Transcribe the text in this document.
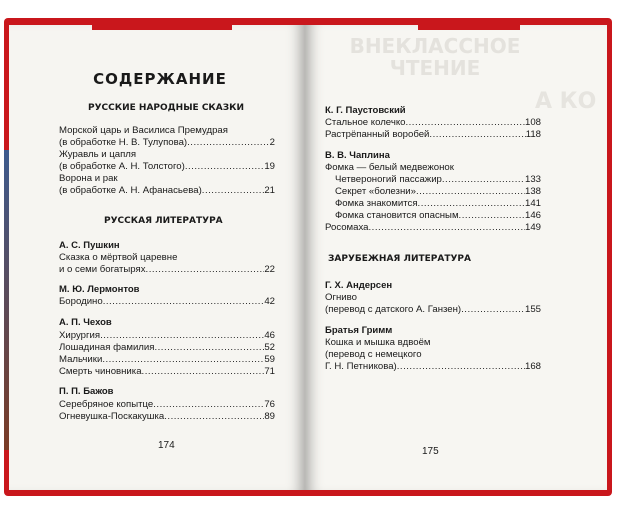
ВНЕКЛАССНОЕ ЧТЕНИЕ
А КО
СОДЕРЖАНИЕ
РУССКИЕ НАРОДНЫЕ СКАЗКИ
Морской царь и Василиса Премудрая
(в обработке Н. В. Тулупова) .....	2
Журавль и цапля
(в обработке А. Н. Толстого) .....	19
Ворона и рак
(в обработке А. Н. Афанасьева) .....	21
РУССКАЯ ЛИТЕРАТУРА
А. С. Пушкин
Сказка о мёртвой царевне
и о семи богатырях .....	22
М. Ю. Лермонтов
Бородино .....	42
А. П. Чехов
Хирургия .....	46
Лошадиная фамилия .....	52
Мальчики .....	59
Смерть чиновника .....	71
П. П. Бажов
Серебряное копытце .....	76
Огневушка-Поскакушка .....	89
174
К. Г. Паустовский
Стальное колечко .....	108
Растрёпанный воробей .....	118
В. В. Чаплина
Фомка — белый медвежонок
Четвероногий пассажир .....	133
Секрет «болезни» .....	138
Фомка знакомится .....	141
Фомка становится опасным .....	146
Росомаха .....	149
ЗАРУБЕЖНАЯ ЛИТЕРАТУРА
Г. Х. Андерсен
Огниво
(перевод с датского А. Ганзен) .....	155
Братья Гримм
Кошка и мышка вдвоём
(перевод с немецкого
Г. Н. Петникова) .....	168
175
